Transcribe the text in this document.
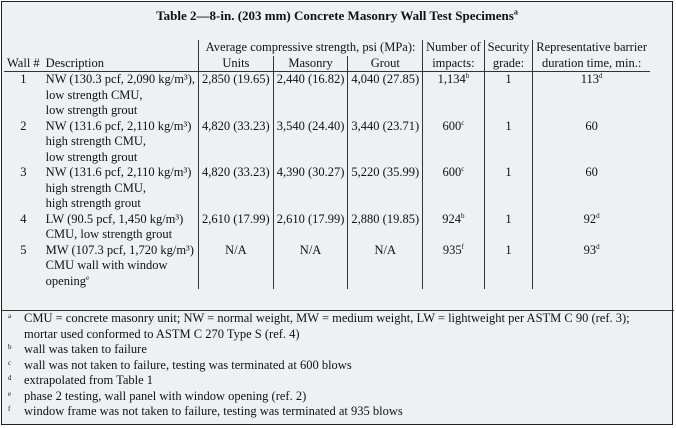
Table 2—8-in. (203 mm) Concrete Masonry Wall Test Specimens$^a$
		Average compressive strength, psi (MPa):			Number of	Security	Representative barrier
Wall #	Description	Units	Masonry	Grout	impacts:	grade:	duration time, min.:
1	NW (130.3 pcf, 2,090 kg/m³),
low strength CMU,
low strength grout	2,850 (19.65)	2,440 (16.82)	4,040 (27.85)	1,134$^b$	1	113$^d$
2	NW (131.6 pcf, 2,110 kg/m³)
high strength CMU,
low strength grout	4,820 (33.23)	3,540 (24.40)	3,440 (23.71)	600$^c$	1	60
3	NW (131.6 pcf, 2,110 kg/m³)
high strength CMU,
high strength grout	4,820 (33.23)	4,390 (30.27)	5,220 (35.99)	600$^c$	1	60
4	LW (90.5 pcf, 1,450 kg/m³)
CMU, low strength grout	2,610 (17.99)	2,610 (17.99)	2,880 (19.85)	924$^b$	1	92$^d$
5	MW (107.3 pcf, 1,720 kg/m³)
CMU wall with window
opening$^e$	N/A	N/A	N/A	935$^f$	1	93$^d$
a CMU = concrete masonry unit; NW = normal weight, MW = medium weight, LW = lightweight per ASTM C 90 (ref. 3);
mortar used conformed to ASTM C 270 Type S (ref. 4)
b wall was taken to failure
c wall was not taken to failure, testing was terminated at 600 blows
d extrapolated from Table 1
e phase 2 testing, wall panel with window opening (ref. 2)
f window frame was not taken to failure, testing was terminated at 935 blows
